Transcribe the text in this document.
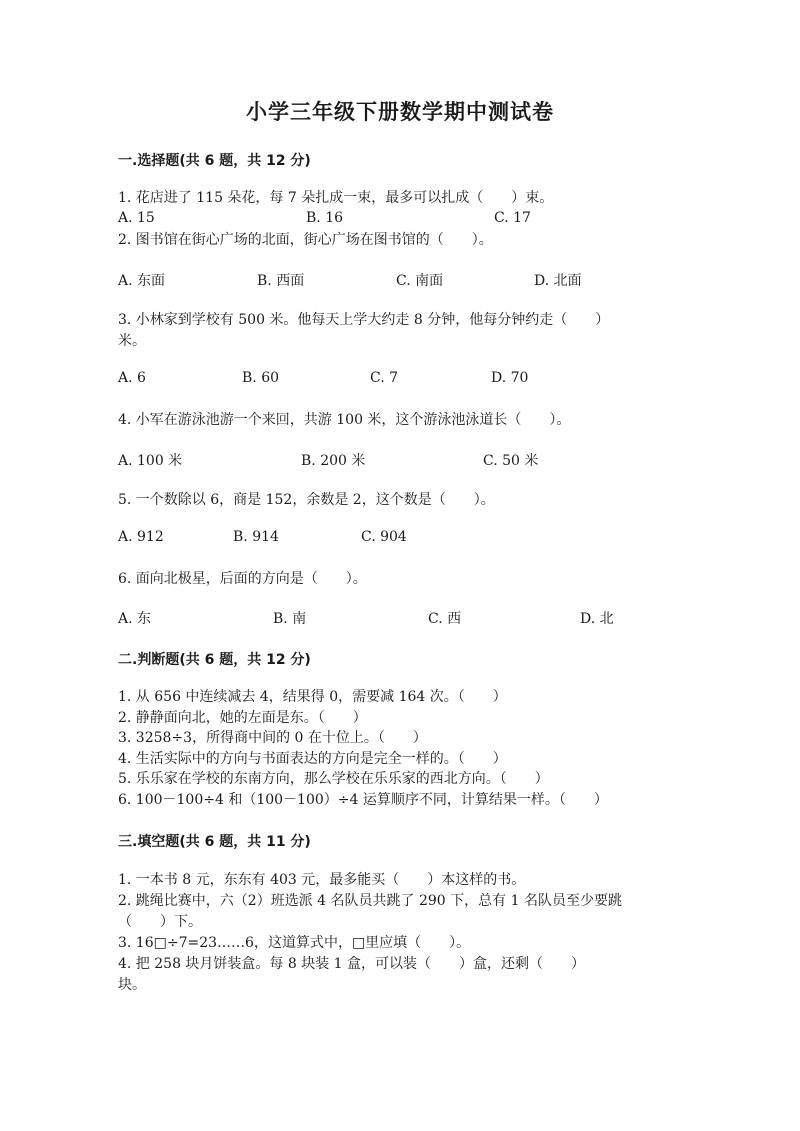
小学三年级下册数学期中测试卷
一.选择题(共 6 题，共 12 分)
1. 花店进了 115 朵花，每 7 朵扎成一束，最多可以扎成（　　）束。
A. 15	B. 16	C. 17
2. 图书馆在街心广场的北面，街心广场在图书馆的（　　）。
A. 东面	B. 西面	C. 南面	D. 北面
3. 小林家到学校有 500 米。他每天上学大约走 8 分钟，他每分钟约走（　　）
米。
A. 6	B. 60	C. 7	D. 70
4. 小军在游泳池游一个来回，共游 100 米，这个游泳池泳道长（　　）。
A. 100 米	B. 200 米	C. 50 米
5. 一个数除以 6，商是 152，余数是 2，这个数是（　　）。
A. 912	B. 914	C. 904
6. 面向北极星，后面的方向是（　　）。
A. 东	B. 南	C. 西	D. 北
二.判断题(共 6 题，共 12 分)
1. 从 656 中连续减去 4，结果得 0，需要减 164 次。（　　）
2. 静静面向北，她的左面是东。（　　）
3. 3258÷3，所得商中间的 0 在十位上。（　　）
4. 生活实际中的方向与书面表达的方向是完全一样的。（　　）
5. 乐乐家在学校的东南方向，那么学校在乐乐家的西北方向。（　　）
6. 100－100÷4 和（100－100）÷4 运算顺序不同，计算结果一样。（　　）
三.填空题(共 6 题，共 11 分)
1. 一本书 8 元，东东有 403 元，最多能买（　　）本这样的书。
2. 跳绳比赛中，六（2）班选派 4 名队员共跳了 290 下，总有 1 名队员至少要跳
（　　）下。
3. 16□÷7=23……6，这道算式中，□里应填（　　）。
4. 把 258 块月饼装盒。每 8 块装 1 盒，可以装（　　）盒，还剩（　　）
块。
